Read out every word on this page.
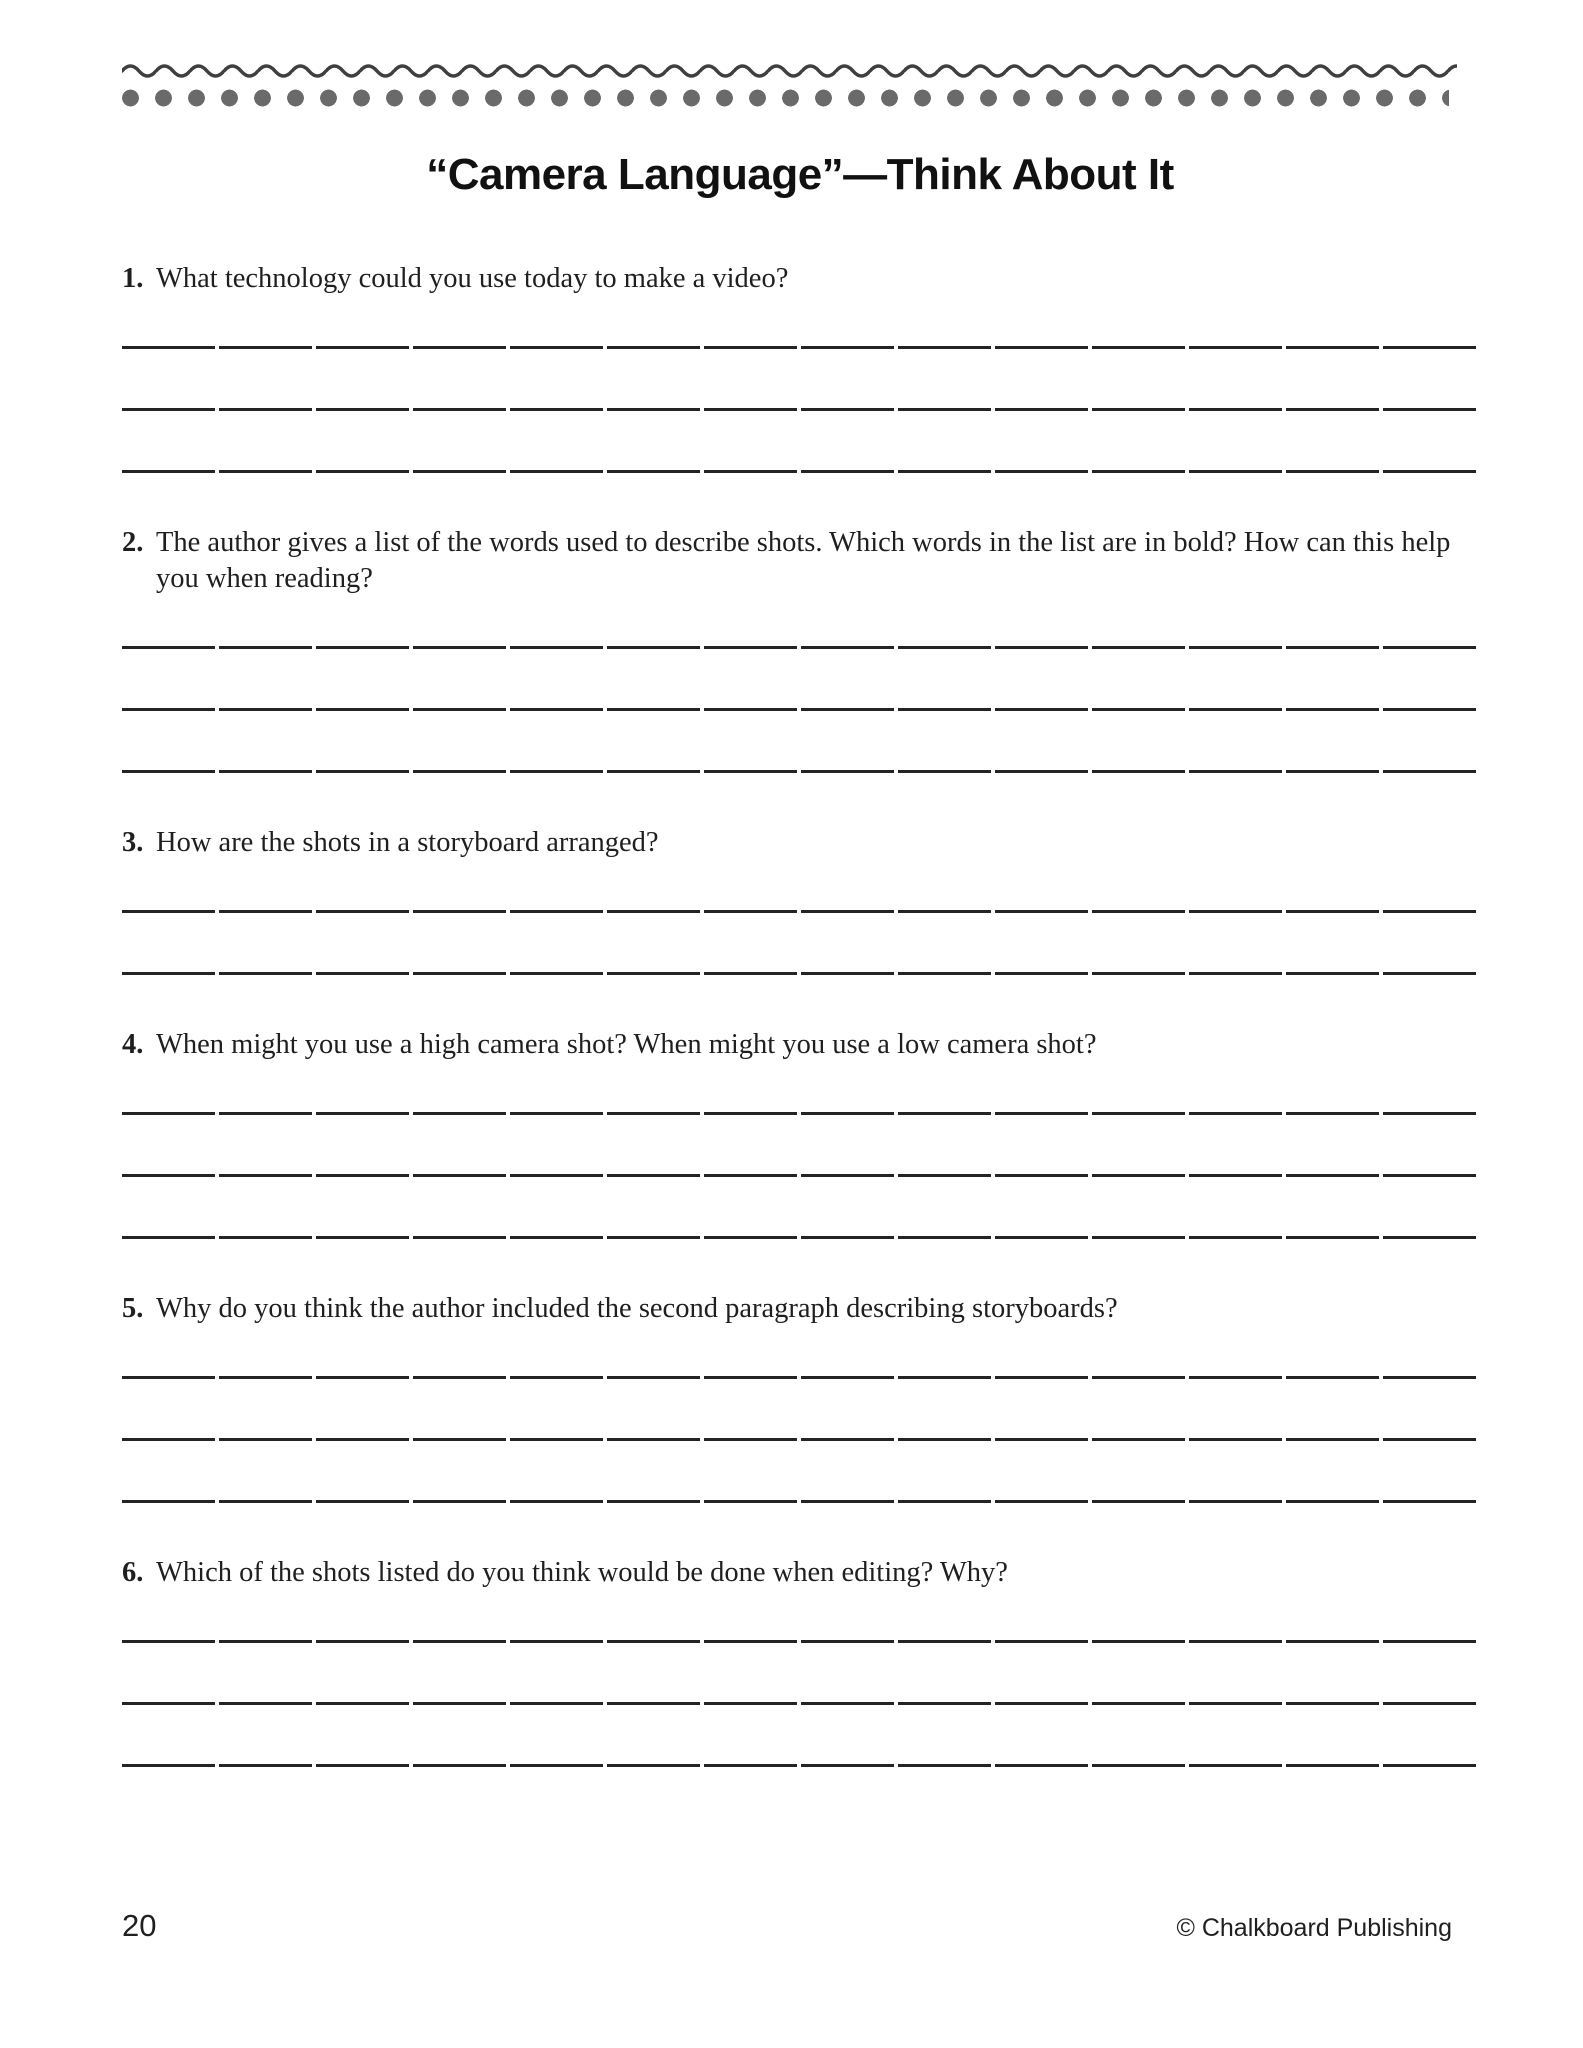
“Camera Language”—Think About It
1. What technology could you use today to make a video?
2. The author gives a list of the words used to describe shots. Which words in the list are in bold? How can this help you when reading?
3. How are the shots in a storyboard arranged?
4. When might you use a high camera shot? When might you use a low camera shot?
5. Why do you think the author included the second paragraph describing storyboards?
6. Which of the shots listed do you think would be done when editing? Why?
20	© Chalkboard Publishing
